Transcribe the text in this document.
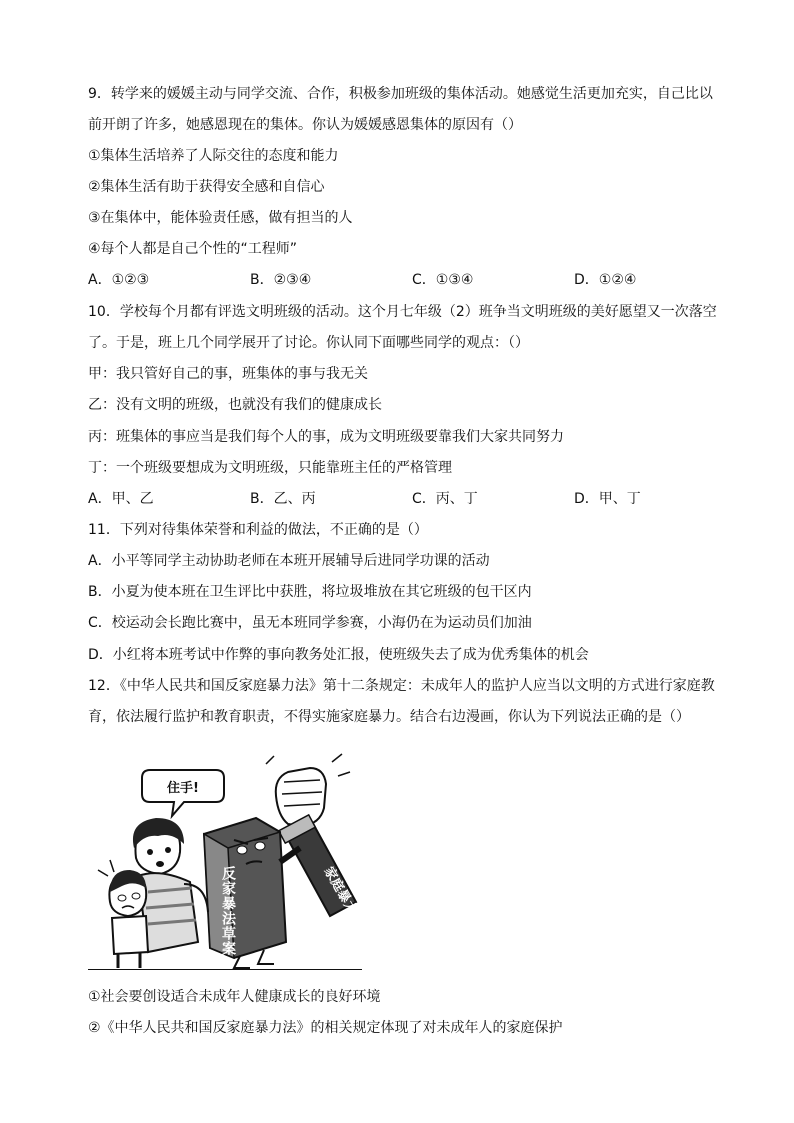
9．转学来的媛媛主动与同学交流、合作，积极参加班级的集体活动。她感觉生活更加充实，自己比以
前开朗了许多，她感恩现在的集体。你认为媛媛感恩集体的原因有（）
①集体生活培养了人际交往的态度和能力
②集体生活有助于获得安全感和自信心
③在集体中，能体验责任感，做有担当的人
④每个人都是自己个性的“工程师”
A．①②③	B．②③④	C．①③④	D．①②④
10．学校每个月都有评选文明班级的活动。这个月七年级（2）班争当文明班级的美好愿望又一次落空
了。于是，班上几个同学展开了讨论。你认同下面哪些同学的观点：（）
甲：我只管好自己的事，班集体的事与我无关
乙：没有文明的班级，也就没有我们的健康成长
丙：班集体的事应当是我们每个人的事，成为文明班级要靠我们大家共同努力
丁：一个班级要想成为文明班级，只能靠班主任的严格管理
A．甲、乙	B．乙、丙	C．丙、丁	D．甲、丁
11．下列对待集体荣誉和利益的做法，不正确的是（）
A．小平等同学主动协助老师在本班开展辅导后进同学功课的活动
B．小夏为使本班在卫生评比中获胜，将垃圾堆放在其它班级的包干区内
C．校运动会长跑比赛中，虽无本班同学参赛，小海仍在为运动员们加油
D．小红将本班考试中作弊的事向教务处汇报，使班级失去了成为优秀集体的机会
12．《中华人民共和国反家庭暴力法》第十二条规定：未成年人的监护人应当以文明的方式进行家庭教
育，依法履行监护和教育职责，不得实施家庭暴力。结合右边漫画，你认为下列说法正确的是（）
住手!
家庭暴力
反家暴法草案
①社会要创设适合未成年人健康成长的良好环境
②《中华人民共和国反家庭暴力法》的相关规定体现了对未成年人的家庭保护
